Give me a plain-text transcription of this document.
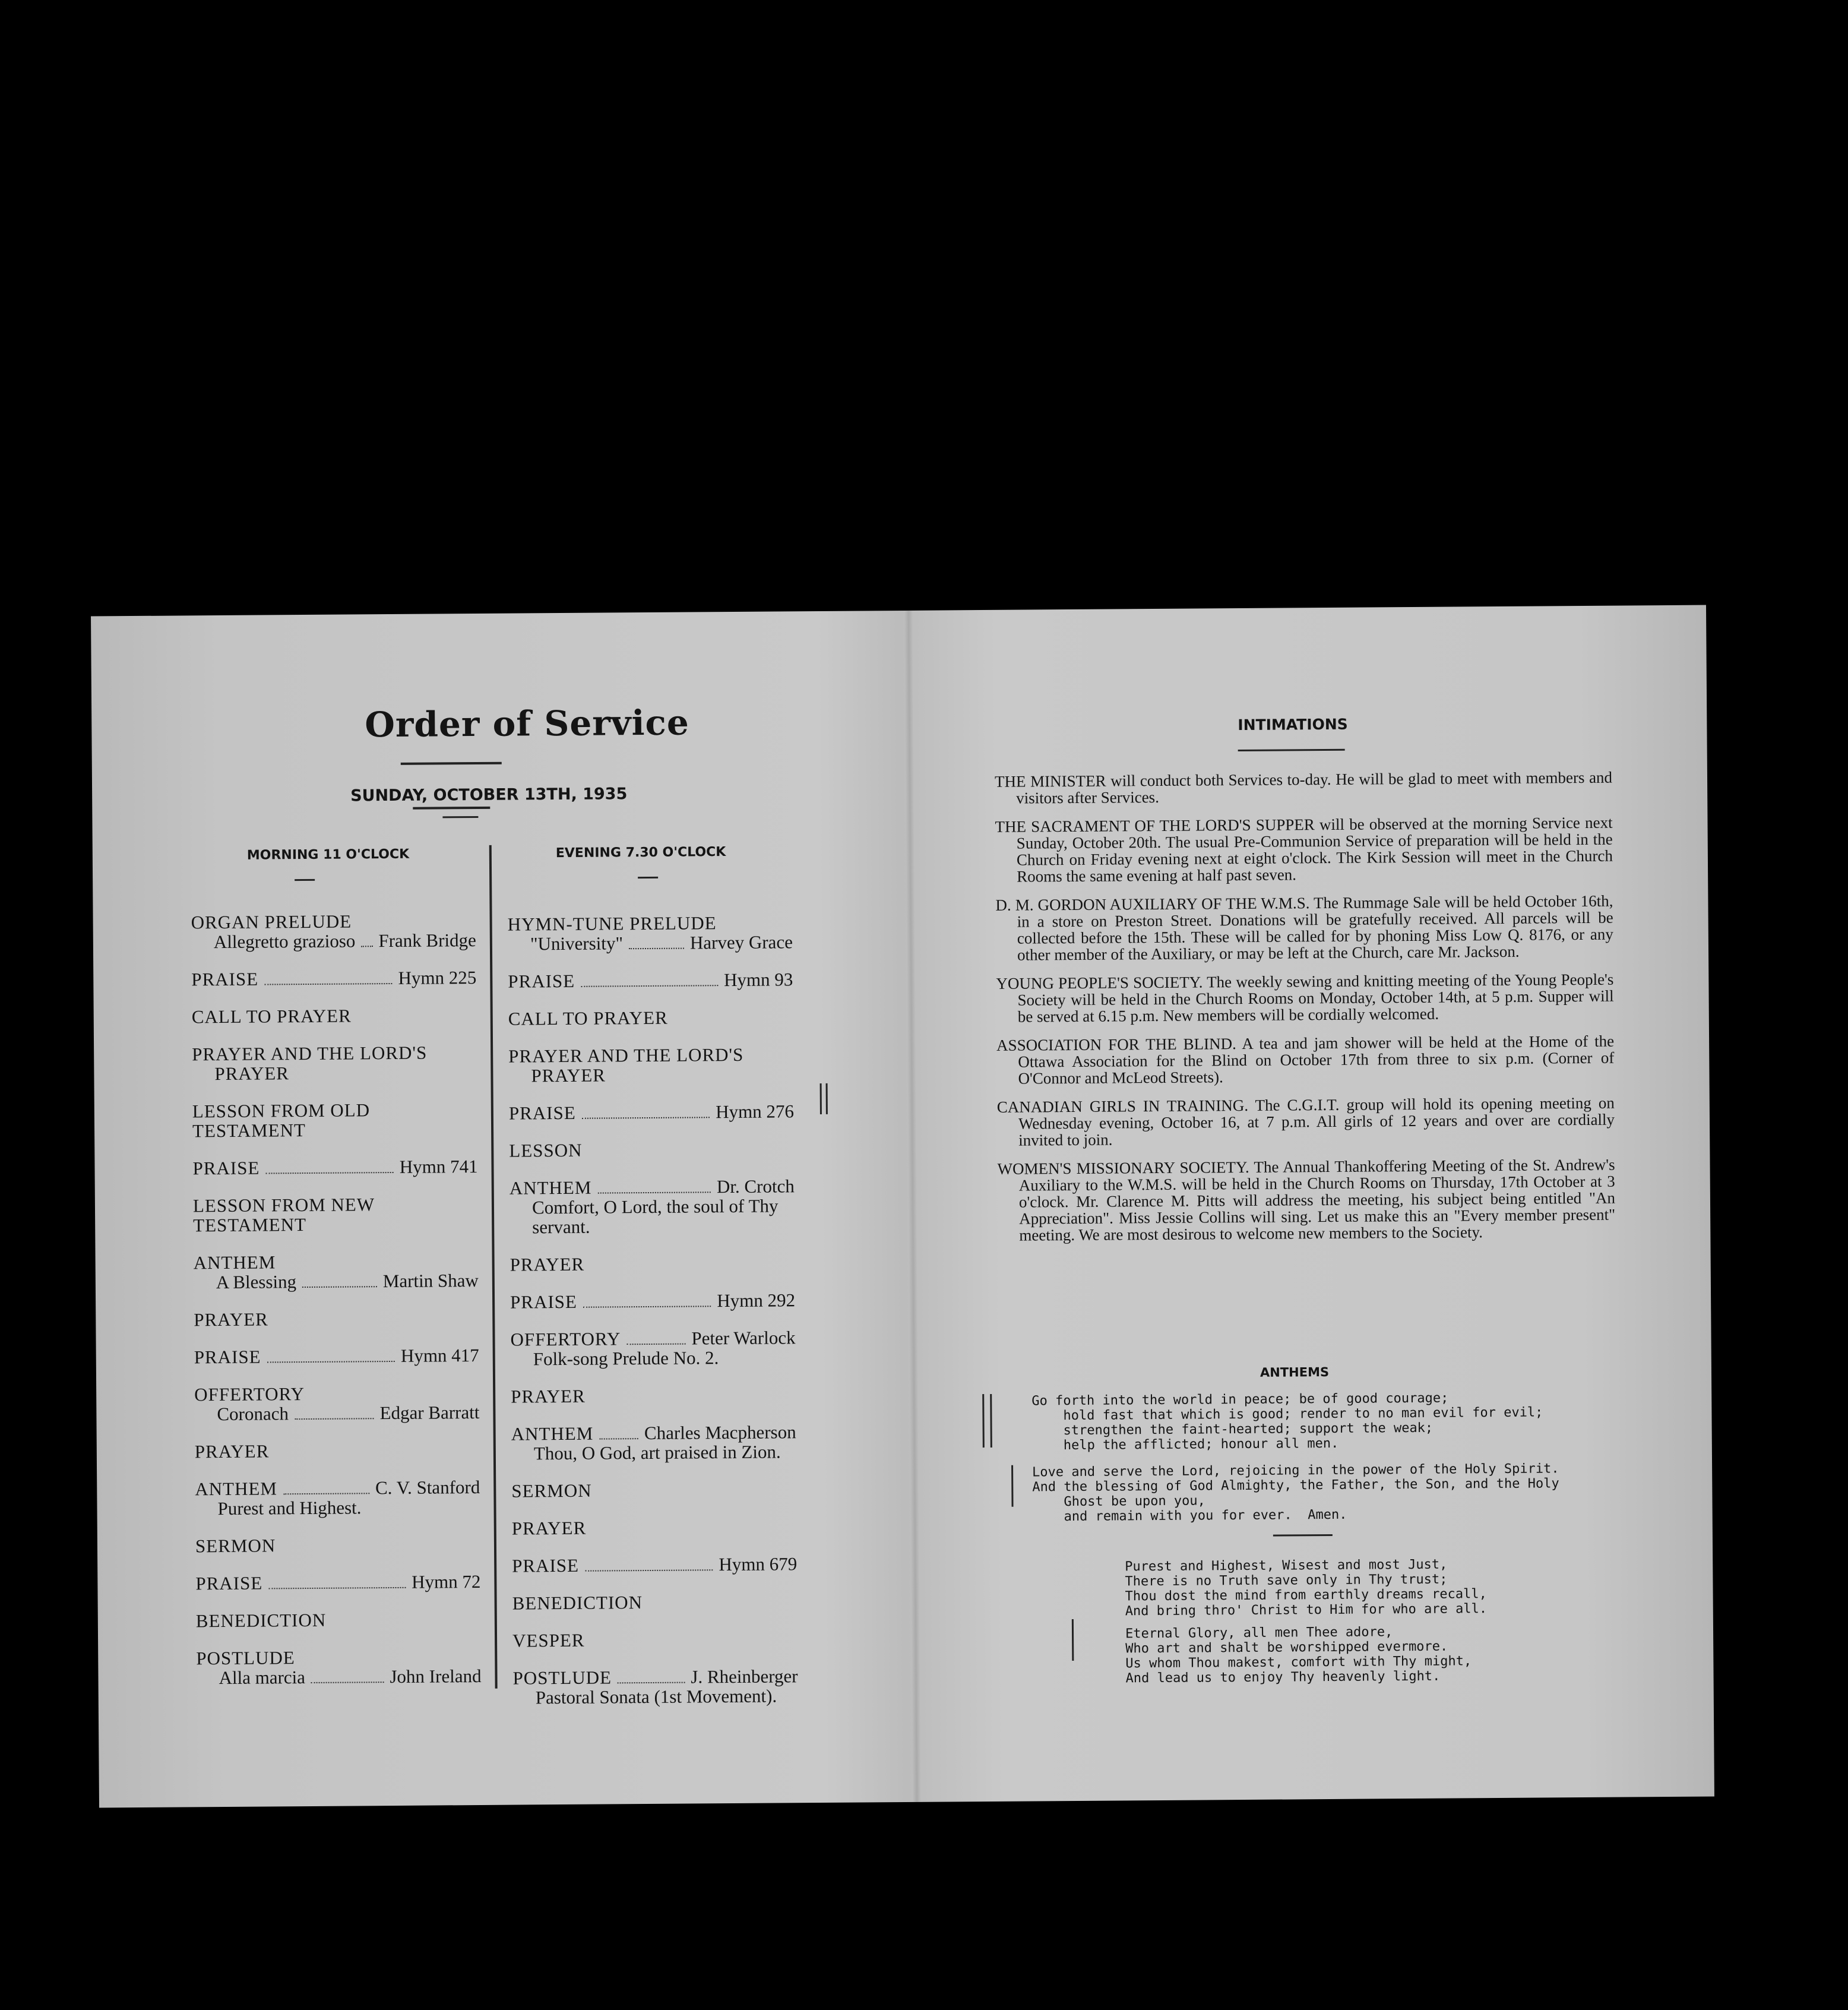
Order of Service
SUNDAY, OCTOBER 13TH, 1935
MORNING 11 O'CLOCK	EVENING 7.30 O'CLOCK
ORGAN PRELUDE
Allegretto grazioso Frank Bridge
PRAISE	Hymn 225
CALL TO PRAYER
PRAYER AND THE LORD'S
PRAYER
LESSON FROM OLD TESTAMENT
PRAISE	Hymn 741
LESSON FROM NEW TESTAMENT
ANTHEM
A Blessing	Martin Shaw
PRAYER
PRAISE	Hymn 417
OFFERTORY
Coronach	Edgar Barratt
PRAYER
ANTHEM	C. V. Stanford
Purest and Highest.
SERMON
PRAISE	Hymn 72
BENEDICTION
POSTLUDE
Alla marcia	John Ireland
HYMN-TUNE PRELUDE
"University"	Harvey Grace
PRAISE	Hymn 93
CALL TO PRAYER
PRAYER AND THE LORD'S
PRAYER
PRAISE	Hymn 276
LESSON
ANTHEM	Dr. Crotch
Comfort, O Lord, the soul of Thy servant.
PRAYER
PRAISE	Hymn 292
OFFERTORY	Peter Warlock
Folk-song Prelude No. 2.
PRAYER
ANTHEM	Charles Macpherson
Thou, O God, art praised in Zion.
SERMON
PRAYER
PRAISE	Hymn 679
BENEDICTION
VESPER
POSTLUDE	J. Rheinberger
Pastoral Sonata (1st Movement).
INTIMATIONS

THE MINISTER will conduct both Services to-day. He will be glad to meet with members and visitors after Services.

THE SACRAMENT OF THE LORD'S SUPPER will be observed at the morning Service next Sunday, October 20th. The usual Pre-Communion Service of preparation will be held in the Church on Friday evening next at eight o'clock. The Kirk Session will meet in the Church Rooms the same evening at half past seven.

D. M. GORDON AUXILIARY OF THE W.M.S. The Rummage Sale will be held October 16th, in a store on Preston Street. Donations will be gratefully received. All parcels will be collected before the 15th. These will be called for by phoning Miss Low Q. 8176, or any other member of the Auxiliary, or may be left at the Church, care Mr. Jackson.

YOUNG PEOPLE'S SOCIETY. The weekly sewing and knitting meeting of the Young People's Society will be held in the Church Rooms on Monday, October 14th, at 5 p.m. Supper will be served at 6.15 p.m. New members will be cordially welcomed.

ASSOCIATION FOR THE BLIND. A tea and jam shower will be held at the Home of the Ottawa Association for the Blind on October 17th from three to six p.m. (Corner of O'Connor and McLeod Streets).

CANADIAN GIRLS IN TRAINING. The C.G.I.T. group will hold its opening meeting on Wednesday evening, October 16, at 7 p.m. All girls of 12 years and over are cordially invited to join.

WOMEN'S MISSIONARY SOCIETY. The Annual Thankoffering Meeting of the St. Andrew's Auxiliary to the W.M.S. will be held in the Church Rooms on Thursday, 17th October at 3 o'clock. Mr. Clarence M. Pitts will address the meeting, his subject being entitled "An Appreciation". Miss Jessie Collins will sing. Let us make this an "Every member present" meeting. We are most desirous to welcome new members to the Society.

ANTHEMS
Go forth into the world in peace; be of good courage;
hold fast that which is good; render to no man evil for evil;
strengthen the faint-hearted; support the weak;
help the afflicted; honour all men.
Love and serve the Lord, rejoicing in the power of the Holy Spirit.
And the blessing of God Almighty, the Father, the Son, and the Holy
Ghost be upon you,
and remain with you for ever.  Amen.
Purest and Highest, Wisest and most Just,
There is no Truth save only in Thy trust;
Thou dost the mind from earthly dreams recall,
And bring thro' Christ to Him for who are all.
Eternal Glory, all men Thee adore,
Who art and shalt be worshipped evermore.
Us whom Thou makest, comfort with Thy might,
And lead us to enjoy Thy heavenly light.
